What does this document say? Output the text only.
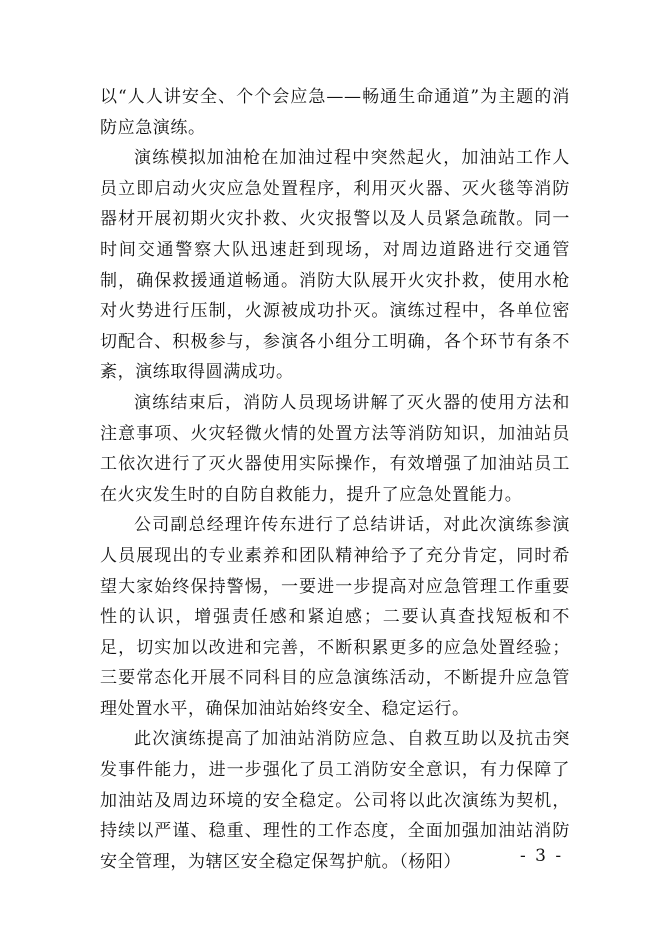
以“人人讲安全、个个会应急——畅通生命通道”为主题的消防应急演练。

演练模拟加油枪在加油过程中突然起火，加油站工作人员立即启动火灾应急处置程序，利用灭火器、灭火毯等消防器材开展初期火灾扑救、火灾报警以及人员紧急疏散。同一时间交通警察大队迅速赶到现场，对周边道路进行交通管制，确保救援通道畅通。消防大队展开火灾扑救，使用水枪对火势进行压制，火源被成功扑灭。演练过程中，各单位密切配合、积极参与，参演各小组分工明确，各个环节有条不紊，演练取得圆满成功。

演练结束后，消防人员现场讲解了灭火器的使用方法和注意事项、火灾轻微火情的处置方法等消防知识，加油站员工依次进行了灭火器使用实际操作，有效增强了加油站员工在火灾发生时的自防自救能力，提升了应急处置能力。

公司副总经理许传东进行了总结讲话，对此次演练参演人员展现出的专业素养和团队精神给予了充分肯定，同时希望大家始终保持警惕，一要进一步提高对应急管理工作重要性的认识，增强责任感和紧迫感；二要认真查找短板和不足，切实加以改进和完善，不断积累更多的应急处置经验；三要常态化开展不同科目的应急演练活动，不断提升应急管理处置水平，确保加油站始终安全、稳定运行。

此次演练提高了加油站消防应急、自救互助以及抗击突发事件能力，进一步强化了员工消防安全意识，有力保障了加油站及周边环境的安全稳定。公司将以此次演练为契机，持续以严谨、稳重、理性的工作态度，全面加强加油站消防安全管理，为辖区安全稳定保驾护航。（杨阳）	- 3 -
